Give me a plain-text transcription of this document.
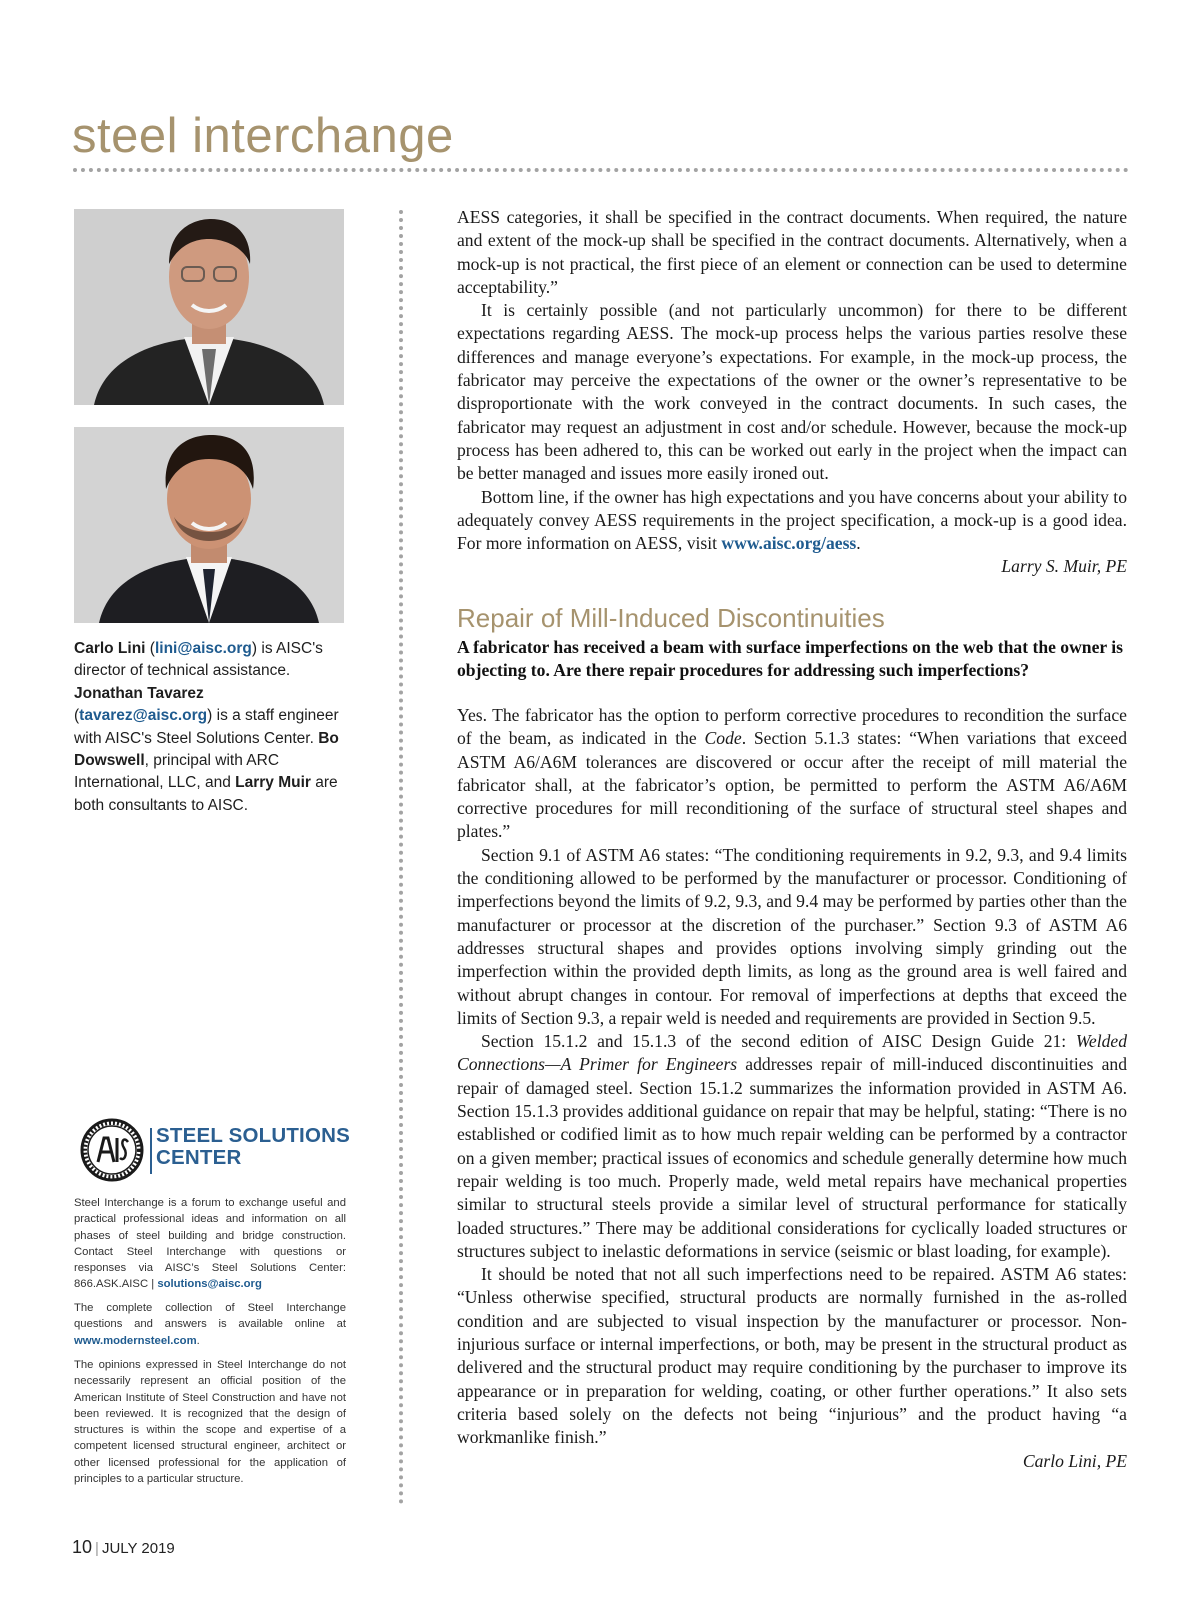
steel interchange
Carlo Lini (lini@aisc.org) is AISC's director of technical assistance. Jonathan Tavarez (tavarez@aisc.org) is a staff engineer with AISC's Steel Solutions Center. Bo Dowswell, principal with ARC International, LLC, and Larry Muir are both consultants to AISC.
STEEL SOLUTIONS
CENTER
Steel Interchange is a forum to exchange useful and practical professional ideas and information on all phases of steel building and bridge construction. Contact Steel Interchange with questions or responses via AISC’s Steel Solutions Center: 866.ASK.AISC | solutions@aisc.org
The complete collection of Steel Interchange questions and answers is available online at www.modernsteel.com.
The opinions expressed in Steel Interchange do not necessarily represent an official position of the American Institute of Steel Construction and have not been reviewed. It is recognized that the design of structures is within the scope and expertise of a competent licensed structural engineer, architect or other licensed professional for the application of principles to a particular structure.
10 | JULY 2019

AESS categories, it shall be specified in the contract documents. When required, the nature and extent of the mock-up shall be specified in the contract documents. Alternatively, when a mock-up is not practical, the first piece of an element or connection can be used to determine acceptability.”

It is certainly possible (and not particularly uncommon) for there to be different expectations regarding AESS. The mock-up process helps the various parties resolve these differences and manage everyone’s expectations. For example, in the mock-up process, the fabricator may perceive the expectations of the owner or the owner’s representative to be disproportionate with the work conveyed in the contract documents. In such cases, the fabricator may request an adjustment in cost and/or schedule. However, because the mock-up process has been adhered to, this can be worked out early in the project when the impact can be better managed and issues more easily ironed out.

Bottom line, if the owner has high expectations and you have concerns about your ability to adequately convey AESS requirements in the project specification, a mock-up is a good idea. For more information on AESS, visit www.aisc.org/aess.

Larry S. Muir, PE
Repair of Mill-Induced Discontinuities
A fabricator has received a beam with surface imperfections on the web that the owner is objecting to. Are there repair procedures for addressing such imperfections?

Yes. The fabricator has the option to perform corrective procedures to recondition the surface of the beam, as indicated in the Code. Section 5.1.3 states: “When variations that exceed ASTM A6/A6M tolerances are discovered or occur after the receipt of mill material the fabricator shall, at the fabricator’s option, be permitted to perform the ASTM A6/A6M corrective procedures for mill reconditioning of the surface of structural steel shapes and plates.”

Section 9.1 of ASTM A6 states: “The conditioning requirements in 9.2, 9.3, and 9.4 limits the conditioning allowed to be performed by the manufacturer or processor. Conditioning of imperfections beyond the limits of 9.2, 9.3, and 9.4 may be performed by parties other than the manufacturer or processor at the discretion of the purchaser.” Section 9.3 of ASTM A6 addresses structural shapes and provides options involving simply grinding out the imperfection within the provided depth limits, as long as the ground area is well faired and without abrupt changes in contour. For removal of imperfections at depths that exceed the limits of Section 9.3, a repair weld is needed and requirements are provided in Section 9.5.

Section 15.1.2 and 15.1.3 of the second edition of AISC Design Guide 21: Welded Connections—A Primer for Engineers addresses repair of mill-induced discontinuities and repair of damaged steel. Section 15.1.2 summarizes the information provided in ASTM A6. Section 15.1.3 provides additional guidance on repair that may be helpful, stating: “There is no established or codified limit as to how much repair welding can be performed by a contractor on a given member; practical issues of economics and schedule generally determine how much repair welding is too much. Properly made, weld metal repairs have mechanical properties similar to structural steels provide a similar level of structural performance for statically loaded structures.” There may be additional considerations for cyclically loaded structures or structures subject to inelastic deformations in service (seismic or blast loading, for example).

It should be noted that not all such imperfections need to be repaired. ASTM A6 states: “Unless otherwise specified, structural products are normally furnished in the as-rolled condition and are subjected to visual inspection by the manufacturer or processor. Non-injurious surface or internal imperfections, or both, may be present in the structural product as delivered and the structural product may require conditioning by the purchaser to improve its appearance or in preparation for welding, coating, or other further operations.” It also sets criteria based solely on the defects not being “injurious” and the product having “a workmanlike finish.”

Carlo Lini, PE
